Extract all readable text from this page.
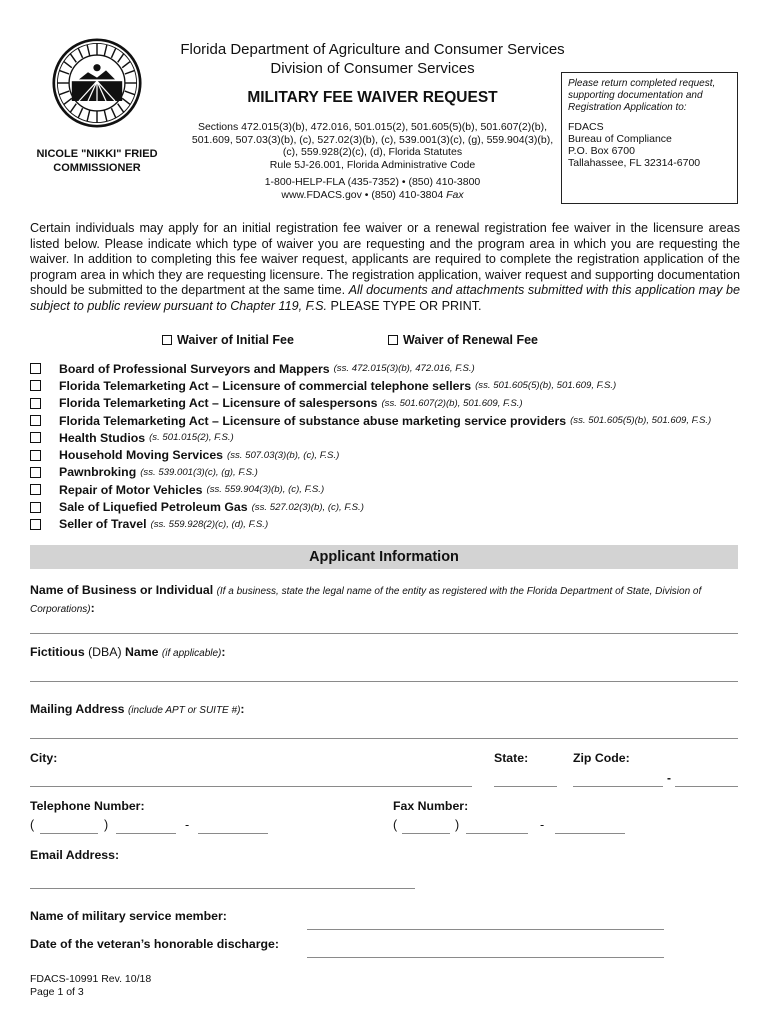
NICOLE "NIKKI" FRIED
COMMISSIONER
Florida Department of Agriculture and Consumer Services
Division of Consumer Services
MILITARY FEE WAIVER REQUEST
Sections 472.015(3)(b), 472.016, 501.015(2), 501.605(5)(b), 501.607(2)(b),
501.609, 507.03(3)(b), (c), 527.02(3)(b), (c), 539.001(3)(c), (g), 559.904(3)(b),
(c), 559.928(2)(c), (d), Florida Statutes
Rule 5J-26.001, Florida Administrative Code
1-800-HELP-FLA (435-7352) • (850) 410-3800
www.FDACS.gov • (850) 410-3804 Fax
Please return completed request,
supporting documentation and
Registration Application to:
FDACS
Bureau of Compliance
P.O. Box 6700
Tallahassee, FL 32314-6700
Certain individuals may apply for an initial registration fee waiver or a renewal registration fee waiver in the licensure areas listed below. Please indicate which type of waiver you are requesting and the program area in which you are requesting the waiver. In addition to completing this fee waiver request, applicants are required to complete the registration application of the program area in which they are requesting licensure. The registration application, waiver request and supporting documentation should be submitted to the department at the same time. All documents and attachments submitted with this application may be subject to public review pursuant to Chapter 119, F.S. PLEASE TYPE OR PRINT.
Waiver of Initial Fee	Waiver of Renewal Fee
Board of Professional Surveyors and Mappers (ss. 472.015(3)(b), 472.016, F.S.)
Florida Telemarketing Act – Licensure of commercial telephone sellers (ss. 501.605(5)(b), 501.609, F.S.)
Florida Telemarketing Act – Licensure of salespersons (ss. 501.607(2)(b), 501.609, F.S.)
Florida Telemarketing Act – Licensure of substance abuse marketing service providers (ss. 501.605(5)(b), 501.609, F.S.)
Health Studios (s. 501.015(2), F.S.)
Household Moving Services (ss. 507.03(3)(b), (c), F.S.)
Pawnbroking (ss. 539.001(3)(c), (g), F.S.)
Repair of Motor Vehicles (ss. 559.904(3)(b), (c), F.S.)
Sale of Liquefied Petroleum Gas (ss. 527.02(3)(b), (c), F.S.)
Seller of Travel (ss. 559.928(2)(c), (d), F.S.)
Applicant Information
Name of Business or Individual (If a business, state the legal name of the entity as registered with the Florida Department of State, Division of Corporations):
Fictitious (DBA) Name (if applicable):
Mailing Address (include APT or SUITE #):
City:	State:	Zip Code:
-
Telephone Number:
(	)	-
Fax Number:
(	)	-
Email Address:
Name of military service member:
Date of the veteran’s honorable discharge:
FDACS-10991 Rev. 10/18
Page 1 of 3
